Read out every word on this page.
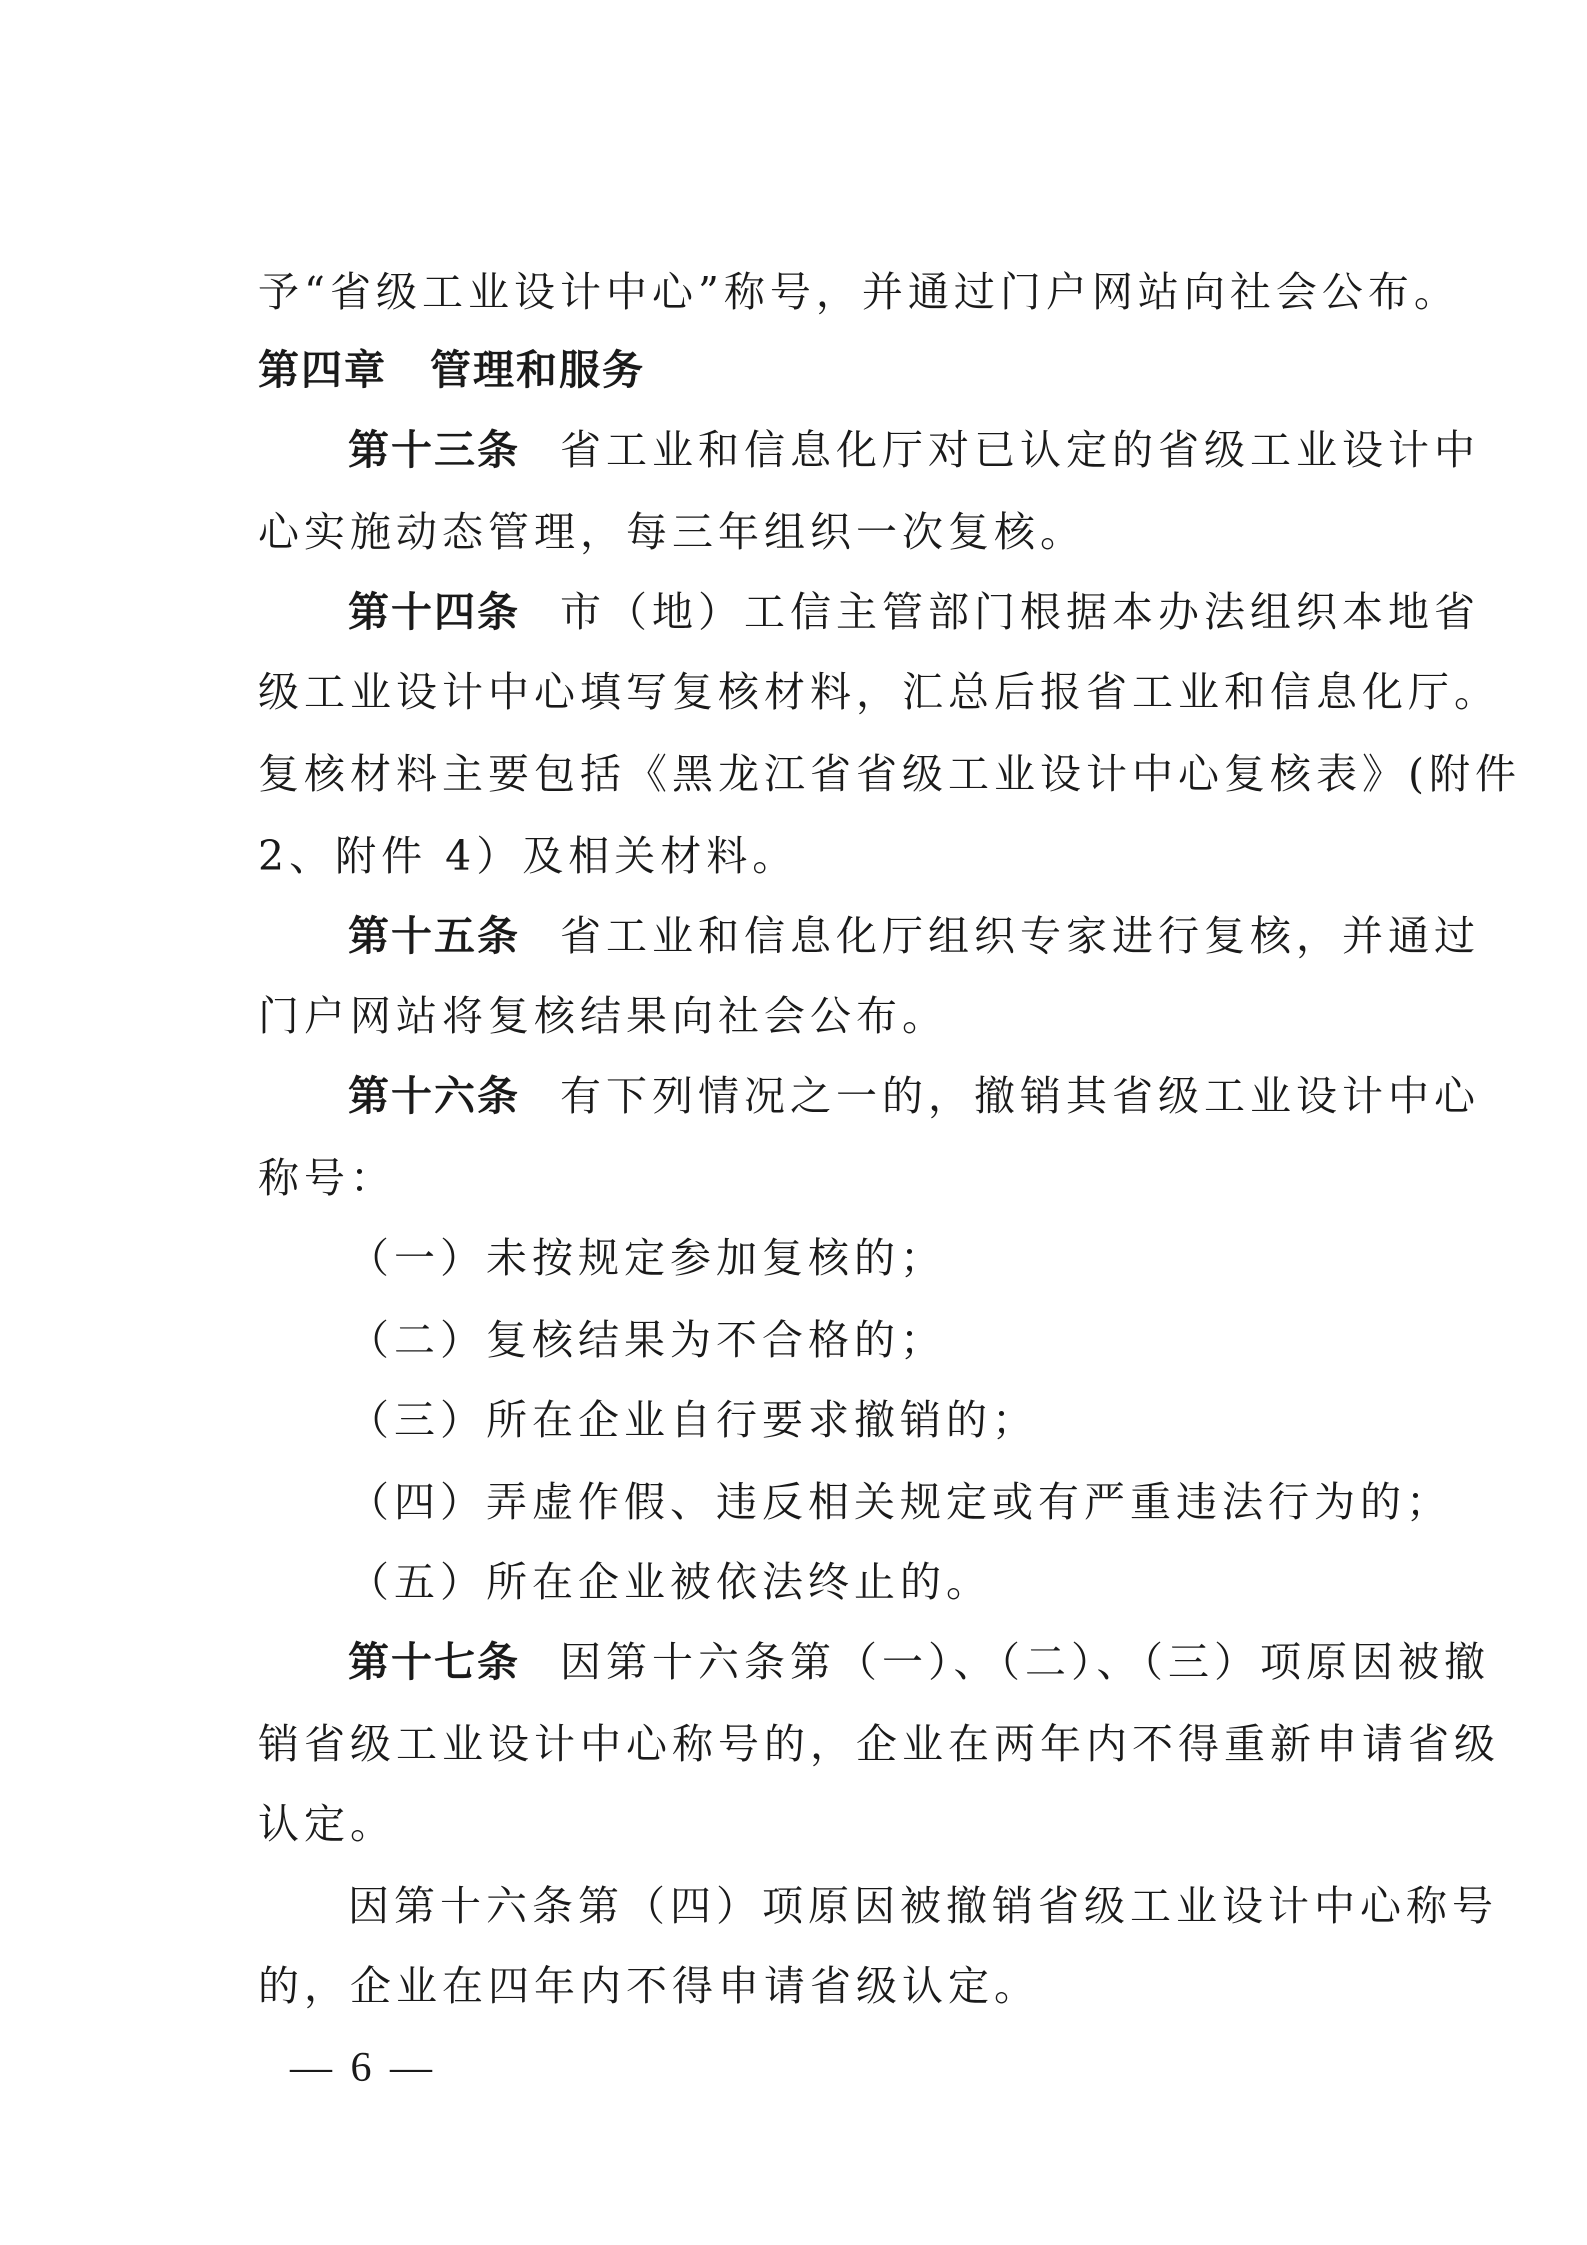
予“省级工业设计中心”称号，并通过门户网站向社会公布。
第四章　管理和服务
第十三条 省工业和信息化厅对已认定的省级工业设计中
心实施动态管理，每三年组织一次复核。
第十四条 市（地）工信主管部门根据本办法组织本地省
级工业设计中心填写复核材料，汇总后报省工业和信息化厅。
复核材料主要包括《黑龙江省省级工业设计中心复核表》(附件
2、附件 4）及相关材料。
第十五条 省工业和信息化厅组织专家进行复核，并通过
门户网站将复核结果向社会公布。
第十六条 有下列情况之一的，撤销其省级工业设计中心
称号：
（一）未按规定参加复核的；
（二）复核结果为不合格的；
（三）所在企业自行要求撤销的；
（四）弄虚作假、违反相关规定或有严重违法行为的；
（五）所在企业被依法终止的。
第十七条 因第十六条第（一）、（二）、（三）项原因被撤
销省级工业设计中心称号的，企业在两年内不得重新申请省级
认定。
因第十六条第（四）项原因被撤销省级工业设计中心称号
的，企业在四年内不得申请省级认定。
— 6 —
